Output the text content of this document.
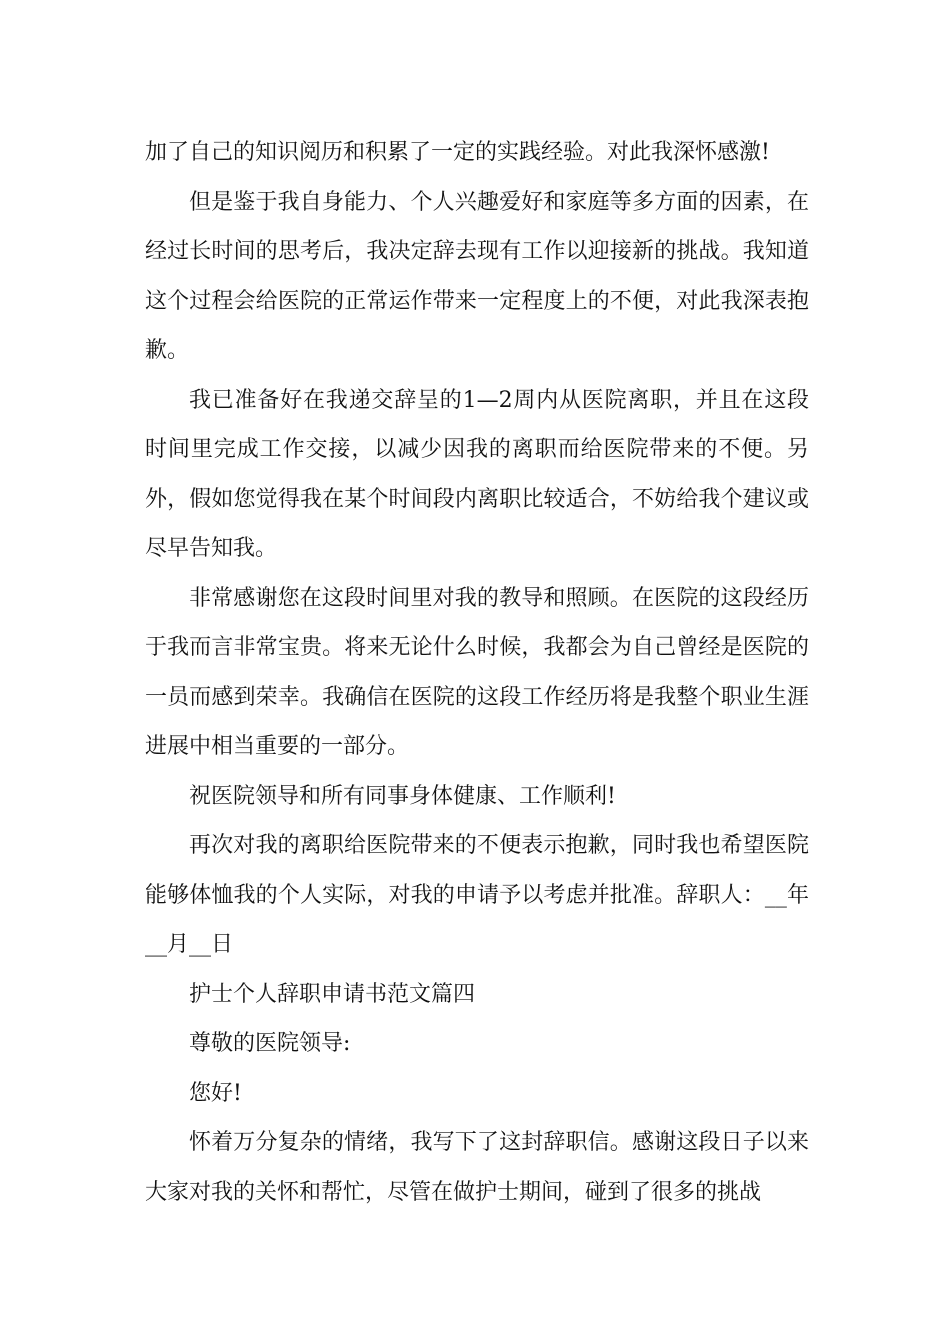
加了自己的知识阅历和积累了一定的实践经验。对此我深怀感激!

但是鉴于我自身能力、个人兴趣爱好和家庭等多方面的因素，在经过长时间的思考后，我决定辞去现有工作以迎接新的挑战。我知道这个过程会给医院的正常运作带来一定程度上的不便，对此我深表抱歉。

我已准备好在我递交辞呈的1—2周内从医院离职，并且在这段时间里完成工作交接，以减少因我的离职而给医院带来的不便。另外，假如您觉得我在某个时间段内离职比较适合，不妨给我个建议或尽早告知我。

非常感谢您在这段时间里对我的教导和照顾。在医院的这段经历于我而言非常宝贵。将来无论什么时候，我都会为自己曾经是医院的一员而感到荣幸。我确信在医院的这段工作经历将是我整个职业生涯进展中相当重要的一部分。

祝医院领导和所有同事身体健康、工作顺利!

再次对我的离职给医院带来的不便表示抱歉，同时我也希望医院能够体恤我的个人实际，对我的申请予以考虑并批准。辞职人：__年__月__日

护士个人辞职申请书范文篇四

尊敬的医院领导:

您好!

怀着万分复杂的情绪，我写下了这封辞职信。感谢这段日子以来大家对我的关怀和帮忙，尽管在做护士期间，碰到了很多的挑战
